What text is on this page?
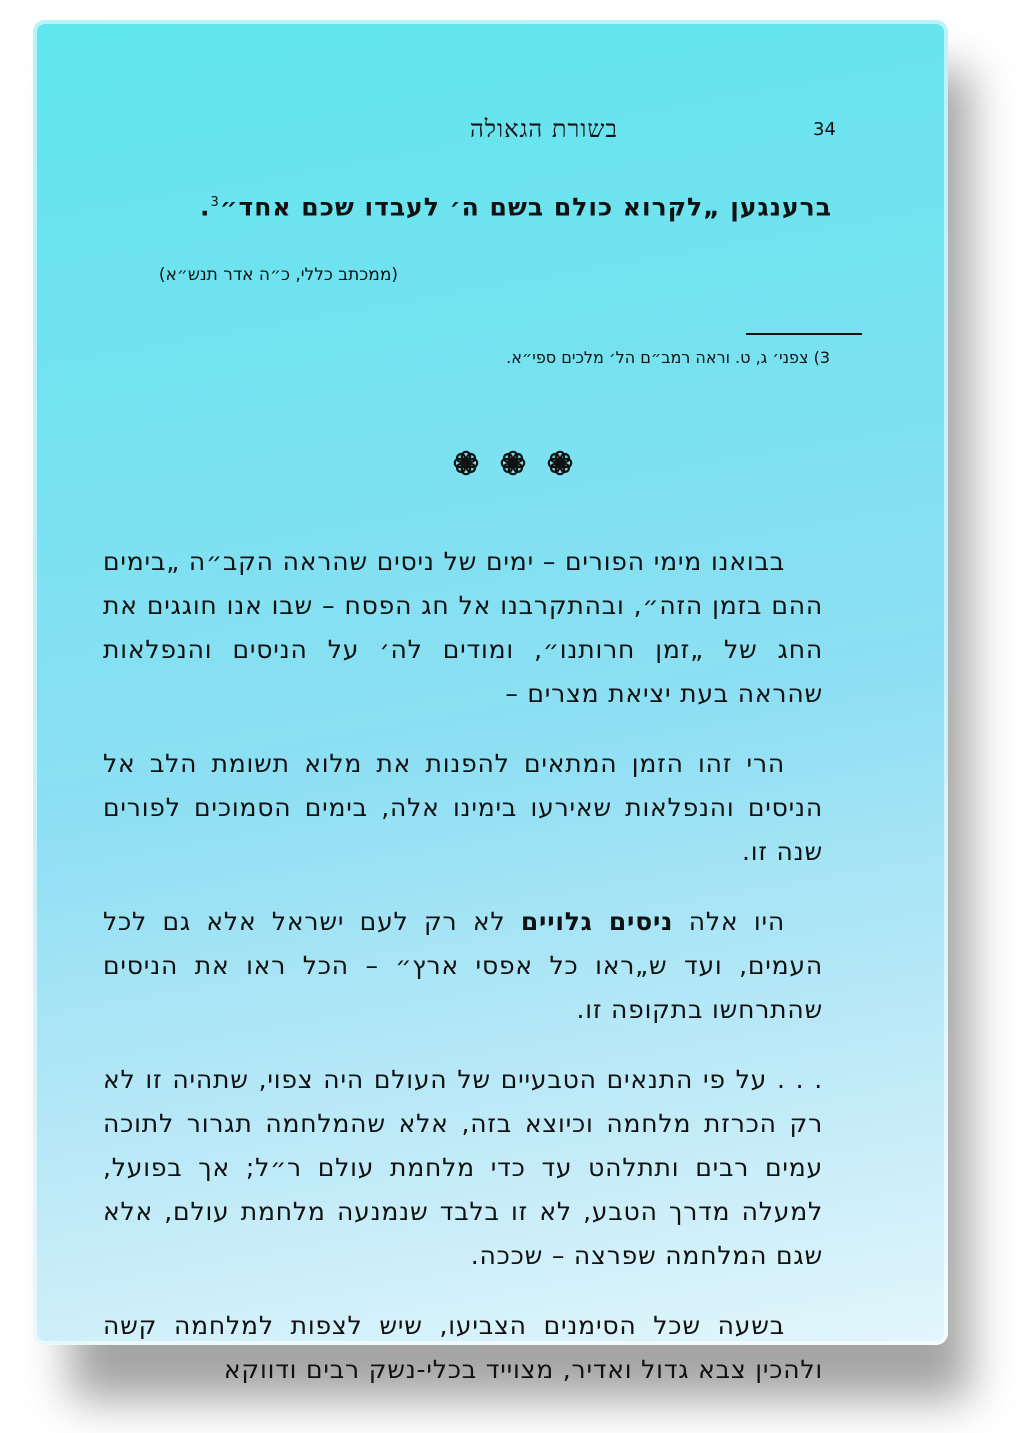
בשורת הגאולה	34
ברענגען „לקרוא כולם בשם ה׳ לעבדו שכם אחד״$^3$.
(ממכתב כללי, כ״ה אדר תנש״א)
3) צפני׳ ג, ט. וראה רמב״ם הל׳ מלכים ספי״א.

בבואנו מימי הפורים – ימים של ניסים שהראה הקב״ה „בימים ההם בזמן הזה״, ובהתקרבנו אל חג הפסח – שבו אנו חוגגים את החג של „זמן חרותנו״, ומודים לה׳ על הניסים והנפלאות שהראה בעת יציאת מצרים –

הרי זהו הזמן המתאים להפנות את מלוא תשומת הלב אל הניסים והנפלאות שאירעו בימינו אלה, בימים הסמוכים לפורים שנה זו.

היו אלה ניסים גלויים לא רק לעם ישראל אלא גם לכל העמים, ועד ש„ראו כל אפסי ארץ״ – הכל ראו את הניסים שהתרחשו בתקופה זו.

. . . על פי התנאים הטבעיים של העולם היה צפוי, שתהיה זו לא רק הכרזת מלחמה וכיוצא בזה, אלא שהמלחמה תגרור לתוכה עמים רבים ותתלהט עד כדי מלחמת עולם ר״ל; אך בפועל, למעלה מדרך הטבע, לא זו בלבד שנמנעה מלחמת עולם, אלא שגם המלחמה שפרצה – שככה.

בשעה שכל הסימנים הצביעו, שיש לצפות למלחמה קשה ולהכין צבא גדול ואדיר, מצוייד בכלי-נשק רבים ודווקא
